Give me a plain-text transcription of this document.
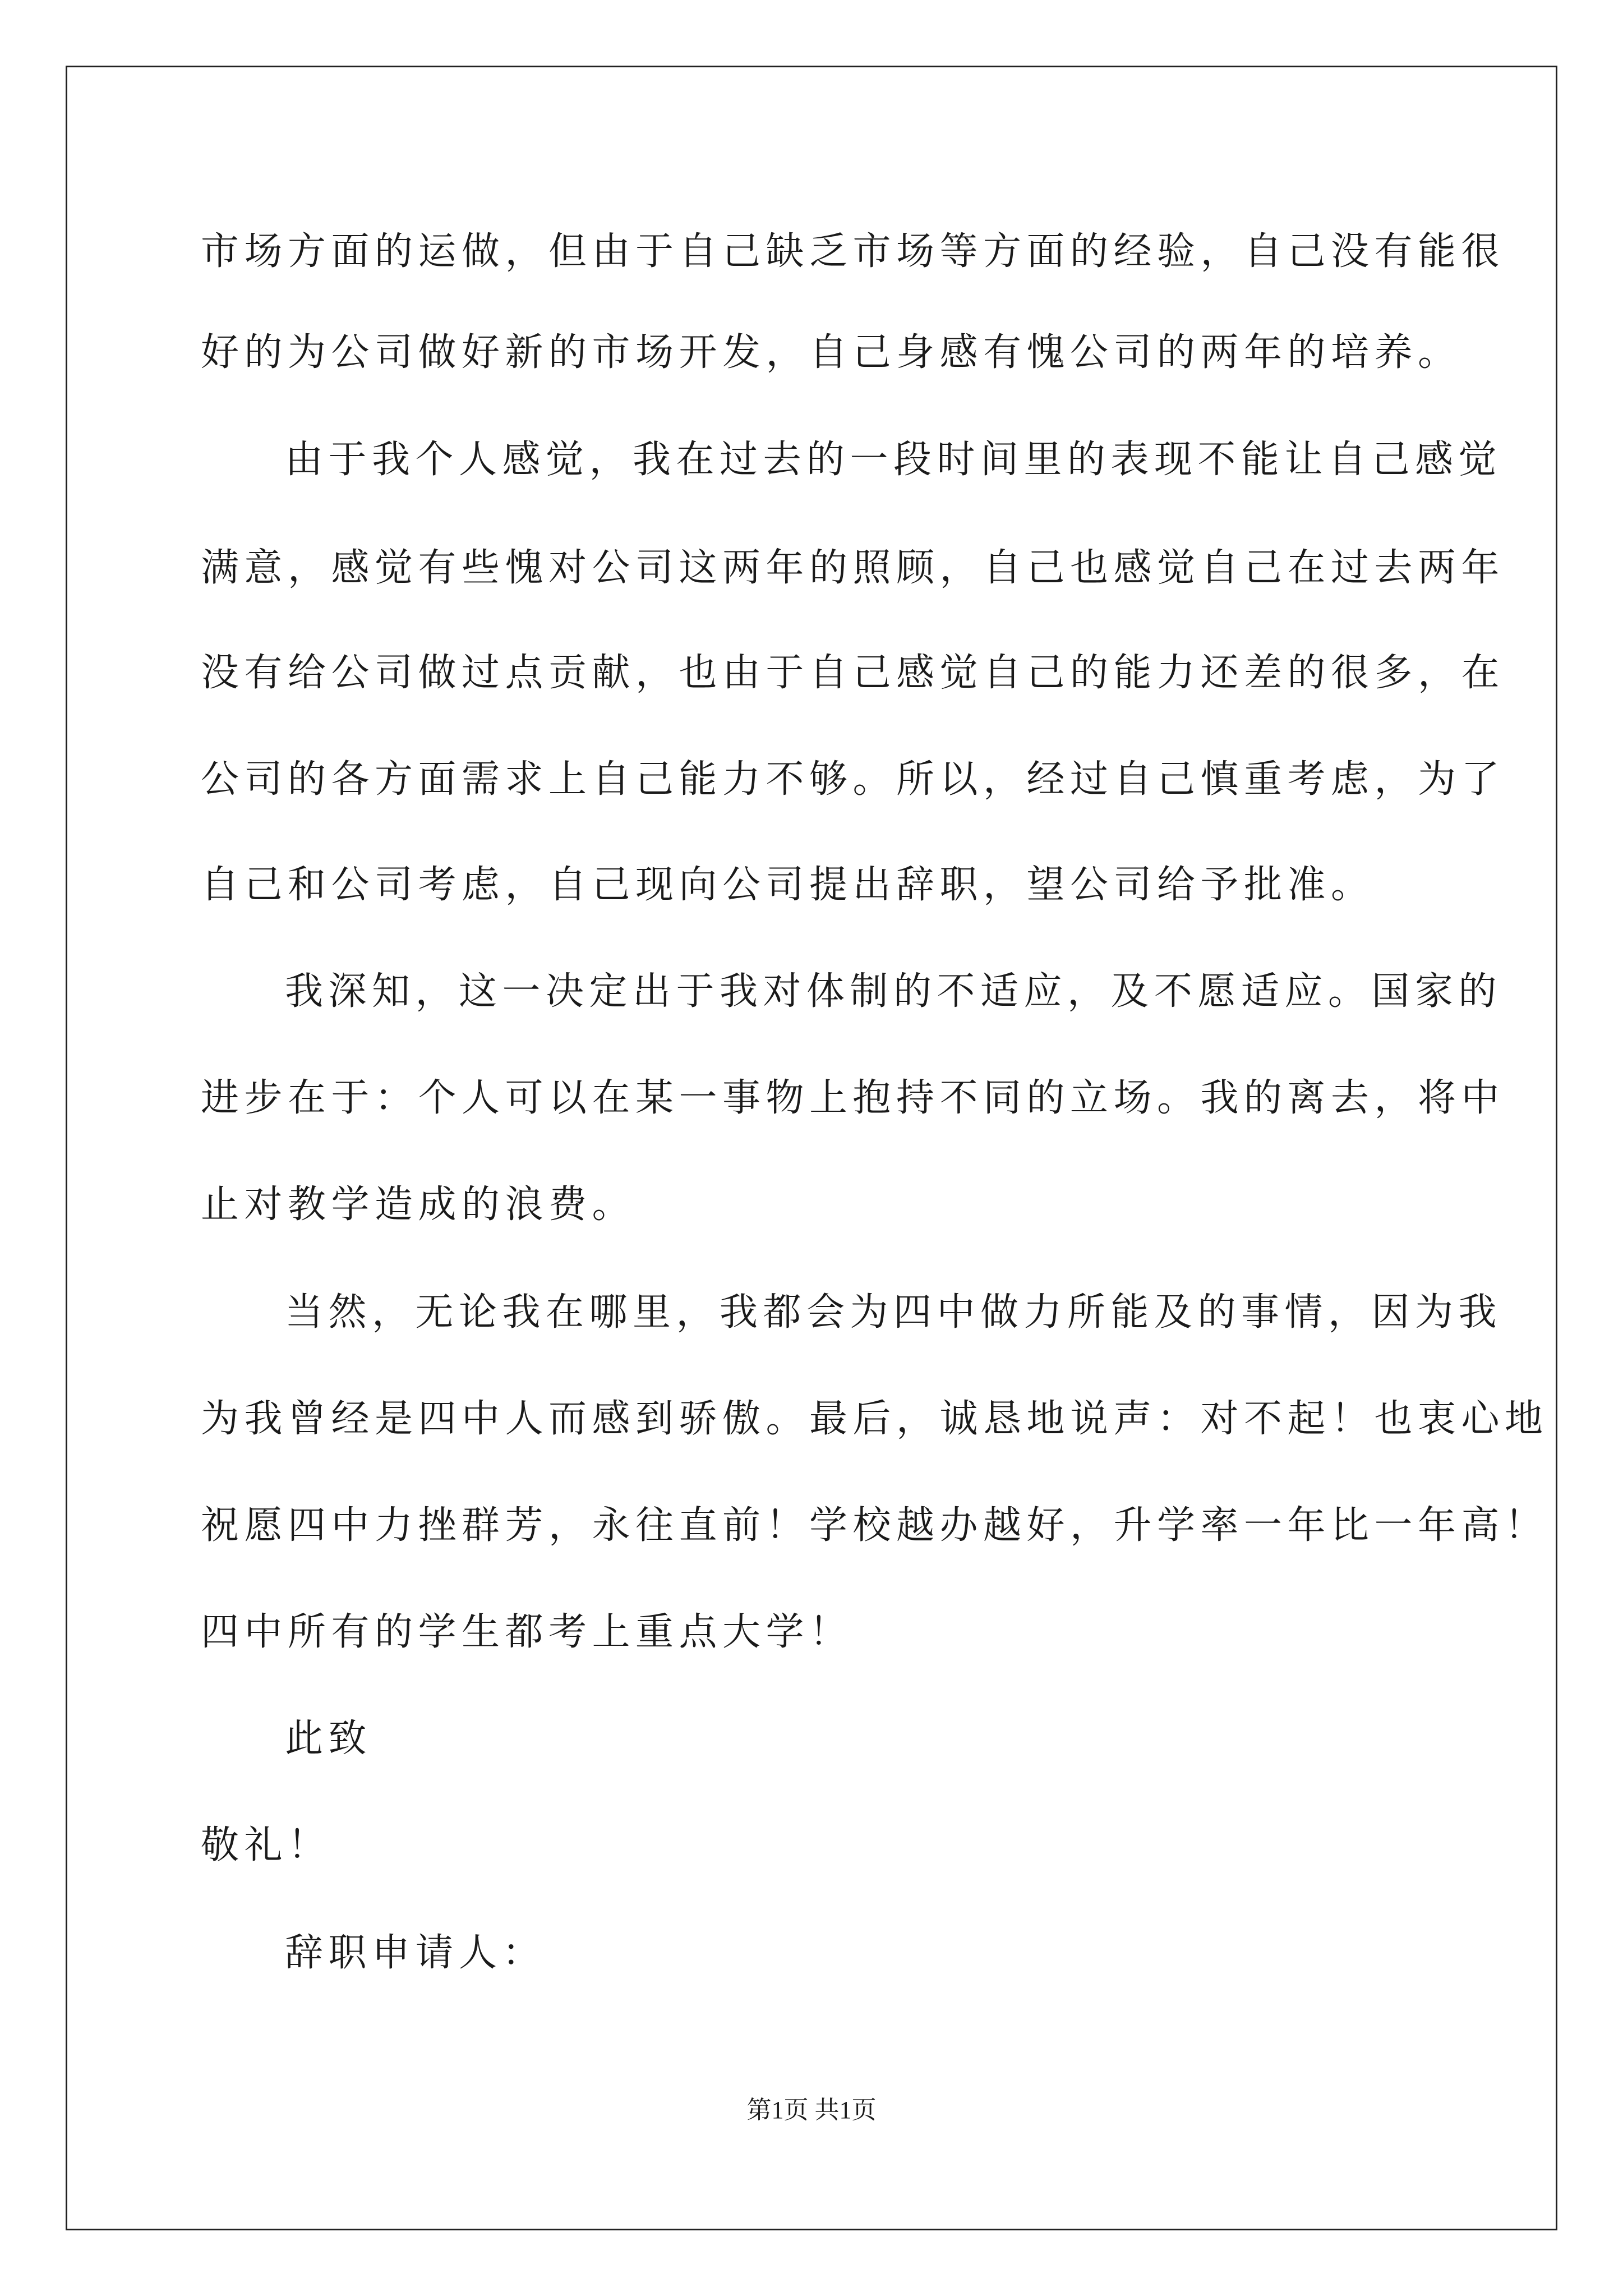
市场方面的运做，但由于自己缺乏市场等方面的经验，自己没有能很
好的为公司做好新的市场开发，自己身感有愧公司的两年的培养。
由于我个人感觉，我在过去的一段时间里的表现不能让自己感觉
满意，感觉有些愧对公司这两年的照顾，自己也感觉自己在过去两年
没有给公司做过点贡献，也由于自己感觉自己的能力还差的很多，在
公司的各方面需求上自己能力不够。所以，经过自己慎重考虑，为了
自己和公司考虑，自己现向公司提出辞职，望公司给予批准。
我深知，这一决定出于我对体制的不适应，及不愿适应。国家的
进步在于：个人可以在某一事物上抱持不同的立场。我的离去，将中
止对教学造成的浪费。
当然，无论我在哪里，我都会为四中做力所能及的事情，因为我
为我曾经是四中人而感到骄傲。最后，诚恳地说声：对不起！也衷心地
祝愿四中力挫群芳，永往直前！学校越办越好，升学率一年比一年高！
四中所有的学生都考上重点大学！
此致
敬礼！
辞职申请人：
第1页 共1页
